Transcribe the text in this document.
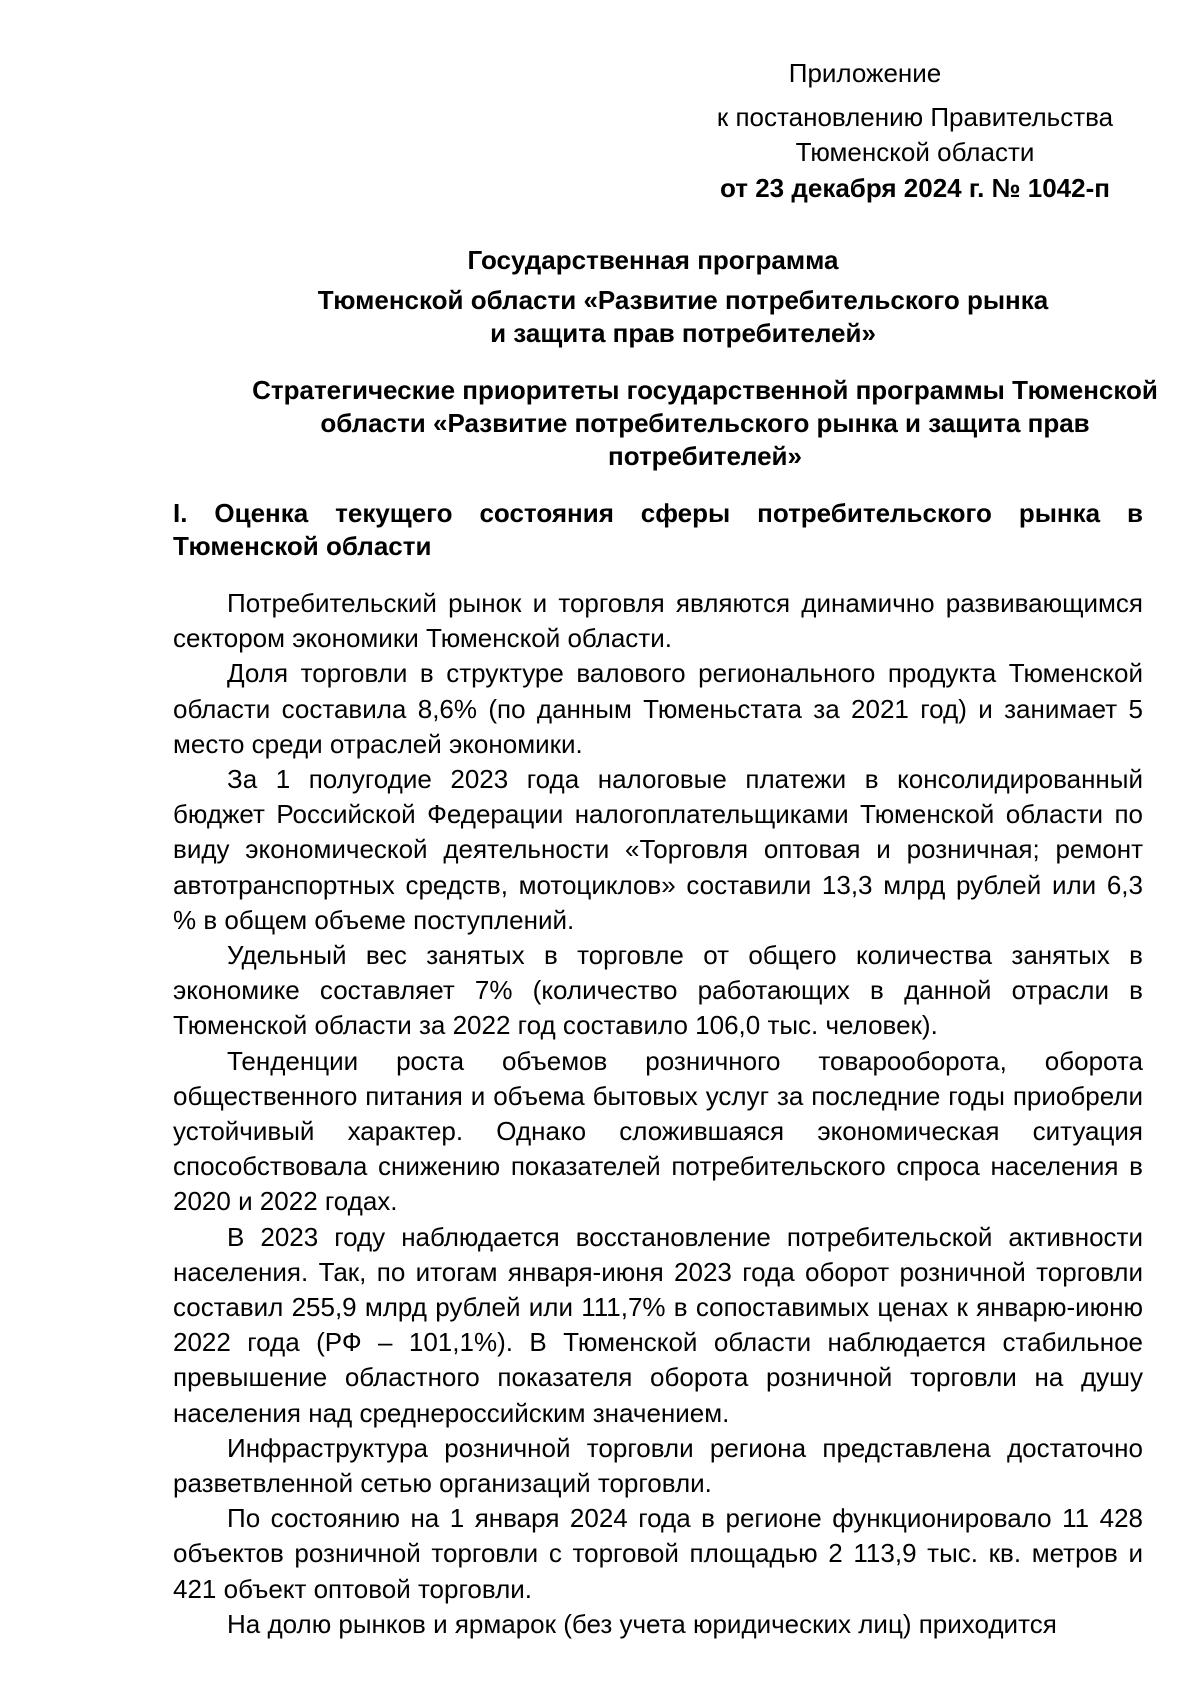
Приложение
к постановлению Правительства
Тюменской области
от 23 декабря 2024 г. № 1042-п
Государственная программа
Тюменской области «Развитие потребительского рынка
и защита прав потребителей»
Стратегические приоритеты государственной программы Тюменской
области «Развитие потребительского рынка и защита прав
потребителей»
I. Оценка текущего состояния сферы потребительского рынка в Тюменской области

Потребительский рынок и торговля являются динамично развивающимся сектором экономики Тюменской области.

Доля торговли в структуре валового регионального продукта Тюменской области составила 8,6% (по данным Тюменьстата за 2021 год) и занимает 5 место среди отраслей экономики.

За 1 полугодие 2023 года налоговые платежи в консолидированный бюджет Российской Федерации налогоплательщиками Тюменской области по виду экономической деятельности «Торговля оптовая и розничная; ремонт автотранспортных средств, мотоциклов» составили 13,3 млрд рублей или 6,3 % в общем объеме поступлений.

Удельный вес занятых в торговле от общего количества занятых в экономике составляет 7% (количество работающих в данной отрасли в Тюменской области за 2022 год составило 106,0 тыс. человек).

Тенденции роста объемов розничного товарооборота, оборота общественного питания и объема бытовых услуг за последние годы приобрели устойчивый характер. Однако сложившаяся экономическая ситуация способствовала снижению показателей потребительского спроса населения в 2020 и 2022 годах.

В 2023 году наблюдается восстановление потребительской активности населения. Так, по итогам января-июня 2023 года оборот розничной торговли составил 255,9 млрд рублей или 111,7% в сопоставимых ценах к январю-июню 2022 года (РФ – 101,1%). В Тюменской области наблюдается стабильное превышение областного показателя оборота розничной торговли на душу населения над среднероссийским значением.

Инфраструктура розничной торговли региона представлена достаточно разветвленной сетью организаций торговли.

По состоянию на 1 января 2024 года в регионе функционировало 11 428 объектов розничной торговли с торговой площадью 2 113,9 тыс. кв. метров и 421 объект оптовой торговли.

На долю рынков и ярмарок (без учета юридических лиц) приходится
